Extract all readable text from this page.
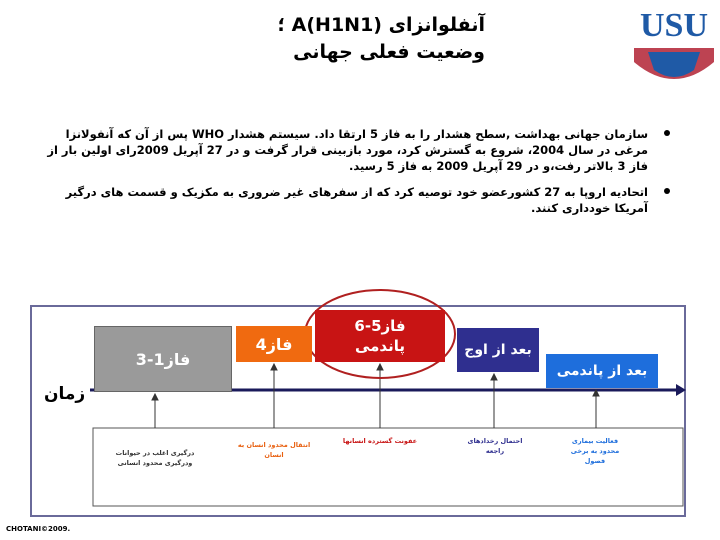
آنفلوانزای A(H1N1) ؛
وضعیت فعلی جهانی
USU
سازمان جهانی بهداشت ,سطح هشدار را به فاز 5 ارتقا داد. سیستم هشدار WHO پس از آن که آنفولانزا مرغی در سال 2004، شروع به گسترش کرد، مورد بازبینی قرار گرفت و در 27 آپریل 2009رای اولین بار از فاز 3 بالاتر رفت،و در 29 آپریل 2009 به فاز 5 رسید.
اتحادیه اروپا به 27 کشورعضو خود توصیه کرد که از سفرهای غیر ضروری به مکزیک و قسمت های درگیر آمریکا خودداری کنند.
فاز1-3
فاز4
فاز5-6
پاندمی	بعد از اوج
بعد از پاندمی
زمان
درگیری اغلب در حیوانات ودرگیری محدود انسانی
انتقال محدود انسان به انسان
عفونت گسترده انسانها	احتمال رخدادهای راجعه
فعالیت بیماری محدود به برخی فصول
CHOTANI©2009.
